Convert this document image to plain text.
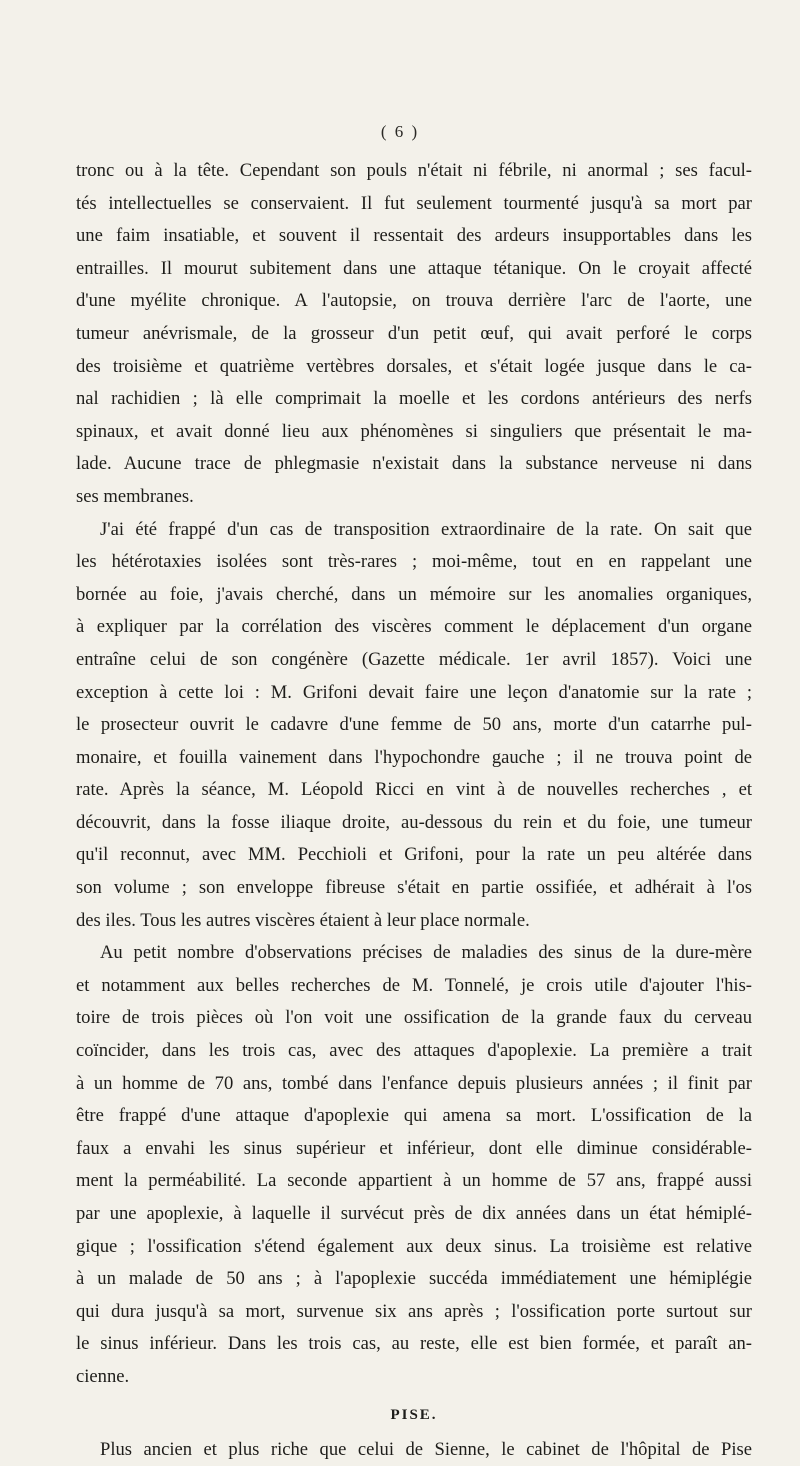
( 6 )
tronc ou à la tête. Cependant son pouls n'était ni fébrile, ni anormal ; ses facul-
tés intellectuelles se conservaient. Il fut seulement tourmenté jusqu'à sa mort par
une faim insatiable, et souvent il ressentait des ardeurs insupportables dans les
entrailles. Il mourut subitement dans une attaque tétanique. On le croyait affecté
d'une myélite chronique. A l'autopsie, on trouva derrière l'arc de l'aorte, une
tumeur anévrismale, de la grosseur d'un petit œuf, qui avait perforé le corps
des troisième et quatrième vertèbres dorsales, et s'était logée jusque dans le ca-
nal rachidien ; là elle comprimait la moelle et les cordons antérieurs des nerfs
spinaux, et avait donné lieu aux phénomènes si singuliers que présentait le ma-
lade. Aucune trace de phlegmasie n'existait dans la substance nerveuse ni dans
ses membranes.
J'ai été frappé d'un cas de transposition extraordinaire de la rate. On sait que
les hétérotaxies isolées sont très-rares ; moi-même, tout en en rappelant une
bornée au foie, j'avais cherché, dans un mémoire sur les anomalies organiques,
à expliquer par la corrélation des viscères comment le déplacement d'un organe
entraîne celui de son congénère (Gazette médicale. 1er avril 1857). Voici une
exception à cette loi : M. Grifoni devait faire une leçon d'anatomie sur la rate ;
le prosecteur ouvrit le cadavre d'une femme de 50 ans, morte d'un catarrhe pul-
monaire, et fouilla vainement dans l'hypochondre gauche ; il ne trouva point de
rate. Après la séance, M. Léopold Ricci en vint à de nouvelles recherches , et
découvrit, dans la fosse iliaque droite, au-dessous du rein et du foie, une tumeur
qu'il reconnut, avec MM. Pecchioli et Grifoni, pour la rate un peu altérée dans
son volume ; son enveloppe fibreuse s'était en partie ossifiée, et adhérait à l'os
des iles. Tous les autres viscères étaient à leur place normale.
Au petit nombre d'observations précises de maladies des sinus de la dure-mère
et notamment aux belles recherches de M. Tonnelé, je crois utile d'ajouter l'his-
toire de trois pièces où l'on voit une ossification de la grande faux du cerveau
coïncider, dans les trois cas, avec des attaques d'apoplexie. La première a trait
à un homme de 70 ans, tombé dans l'enfance depuis plusieurs années ; il finit par
être frappé d'une attaque d'apoplexie qui amena sa mort. L'ossification de la
faux a envahi les sinus supérieur et inférieur, dont elle diminue considérable-
ment la perméabilité. La seconde appartient à un homme de 57 ans, frappé aussi
par une apoplexie, à laquelle il survécut près de dix années dans un état hémiplé-
gique ; l'ossification s'étend également aux deux sinus. La troisième est relative
à un malade de 50 ans ; à l'apoplexie succéda immédiatement une hémiplégie
qui dura jusqu'à sa mort, survenue six ans après ; l'ossification porte surtout sur
le sinus inférieur. Dans les trois cas, au reste, elle est bien formée, et paraît an-
cienne.
PISE.
Plus ancien et plus riche que celui de Sienne, le cabinet de l'hôpital de Pise
